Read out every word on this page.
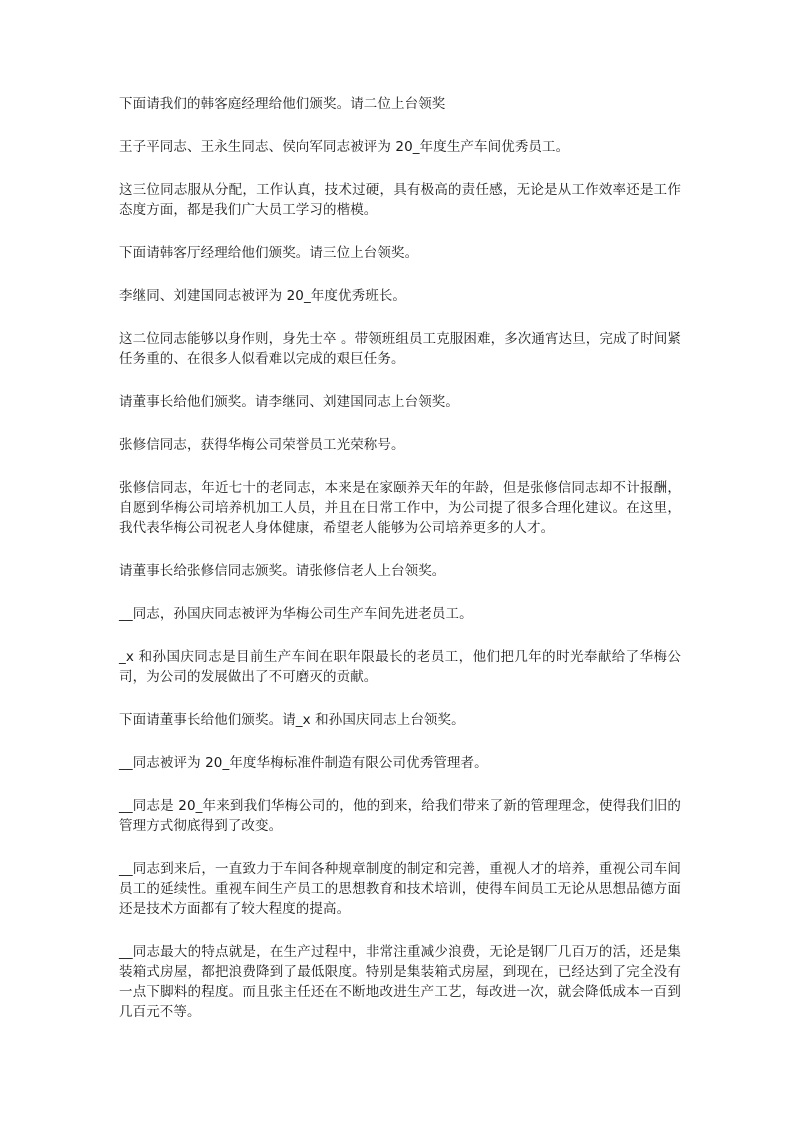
下面请我们的韩客庭经理给他们颁奖。请二位上台领奖

王子平同志、王永生同志、侯向军同志被评为 20_年度生产车间优秀员工。

这三位同志服从分配，工作认真，技术过硬，具有极高的责任感，无论是从工作效率还是工作态度方面，都是我们广大员工学习的楷模。

下面请韩客厅经理给他们颁奖。请三位上台领奖。

李继同、刘建国同志被评为 20_年度优秀班长。

这二位同志能够以身作则，身先士卒 。带领班组员工克服困难，多次通宵达旦，完成了时间紧任务重的、在很多人似看难以完成的艰巨任务。

请董事长给他们颁奖。请李继同、刘建国同志上台领奖。

张修信同志，获得华梅公司荣誉员工光荣称号。

张修信同志，年近七十的老同志，本来是在家颐养天年的年龄，但是张修信同志却不计报酬，自愿到华梅公司培养机加工人员，并且在日常工作中，为公司提了很多合理化建议。在这里，我代表华梅公司祝老人身体健康，希望老人能够为公司培养更多的人才。

请董事长给张修信同志颁奖。请张修信老人上台领奖。

__同志，孙国庆同志被评为华梅公司生产车间先进老员工。

_x 和孙国庆同志是目前生产车间在职年限最长的老员工，他们把几年的时光奉献给了华梅公司，为公司的发展做出了不可磨灭的贡献。

下面请董事长给他们颁奖。请_x 和孙国庆同志上台领奖。

__同志被评为 20_年度华梅标准件制造有限公司优秀管理者。

__同志是 20_年来到我们华梅公司的，他的到来，给我们带来了新的管理理念，使得我们旧的管理方式彻底得到了改变。

__同志到来后，一直致力于车间各种规章制度的制定和完善，重视人才的培养，重视公司车间员工的延续性。重视车间生产员工的思想教育和技术培训，使得车间员工无论从思想品德方面还是技术方面都有了较大程度的提高。

__同志最大的特点就是，在生产过程中，非常注重减少浪费，无论是钢厂几百万的活，还是集装箱式房屋，都把浪费降到了最低限度。特别是集装箱式房屋，到现在，已经达到了完全没有一点下脚料的程度。而且张主任还在不断地改进生产工艺，每改进一次，就会降低成本一百到几百元不等。
